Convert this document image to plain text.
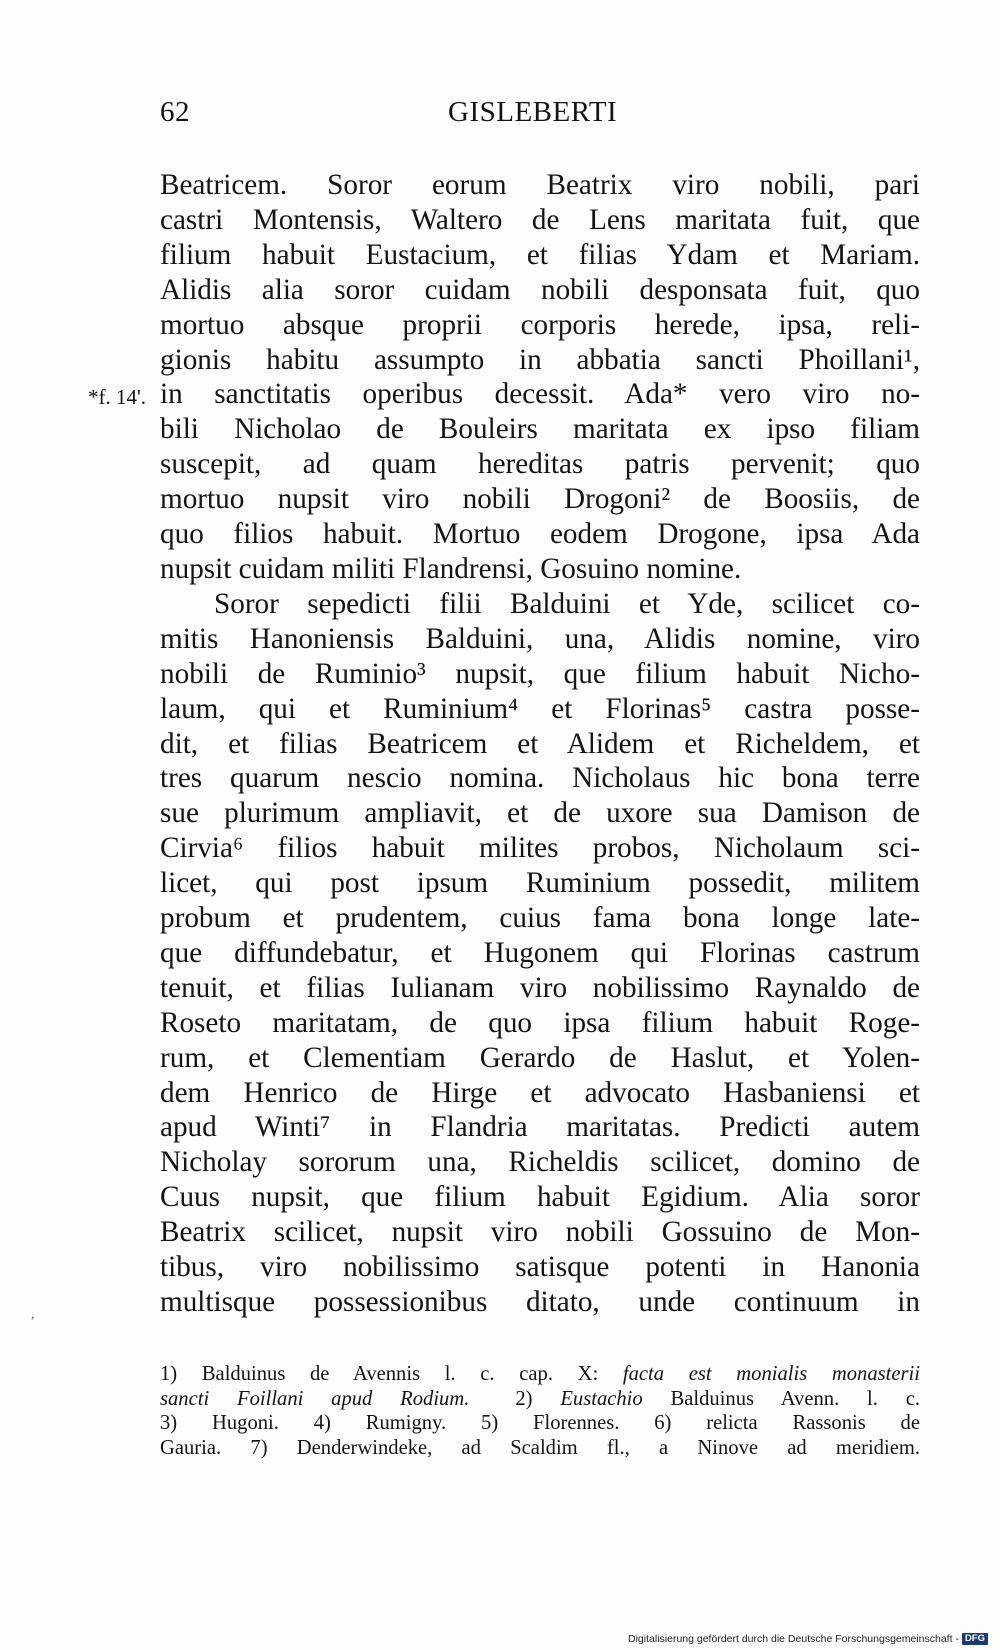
62	GISLEBERTI
*f. 14'.
Beatricem. Soror eorum Beatrix viro nobili, pari
castri Montensis, Waltero de Lens maritata fuit, que
filium habuit Eustacium, et filias Ydam et Mariam.
Alidis alia soror cuidam nobili desponsata fuit, quo
mortuo absque proprii corporis herede, ipsa, reli-
gionis habitu assumpto in abbatia sancti Phoillani¹,
in sanctitatis operibus decessit. Ada* vero viro no-
bili Nicholao de Bouleirs maritata ex ipso filiam
suscepit, ad quam hereditas patris pervenit; quo
mortuo nupsit viro nobili Drogoni² de Boosiis, de
quo filios habuit. Mortuo eodem Drogone, ipsa Ada
nupsit cuidam militi Flandrensi, Gosuino nomine.
Soror sepedicti filii Balduini et Yde, scilicet co-
mitis Hanoniensis Balduini, una, Alidis nomine, viro
nobili de Ruminio³ nupsit, que filium habuit Nicho-
laum, qui et Ruminium⁴ et Florinas⁵ castra posse-
dit, et filias Beatricem et Alidem et Richeldem, et
tres quarum nescio nomina. Nicholaus hic bona terre
sue plurimum ampliavit, et de uxore sua Damison de
Cirvia⁶ filios habuit milites probos, Nicholaum sci-
licet, qui post ipsum Ruminium possedit, militem
probum et prudentem, cuius fama bona longe late-
que diffundebatur, et Hugonem qui Florinas castrum
tenuit, et filias Iulianam viro nobilissimo Raynaldo de
Roseto maritatam, de quo ipsa filium habuit Roge-
rum, et Clementiam Gerardo de Haslut, et Yolen-
dem Henrico de Hirge et advocato Hasbaniensi et
apud Winti⁷ in Flandria maritatas. Predicti autem
Nicholay sororum una, Richeldis scilicet, domino de
Cuus nupsit, que filium habuit Egidium. Alia soror
Beatrix scilicet, nupsit viro nobili Gossuino de Mon-
tibus, viro nobilissimo satisque potenti in Hanonia
multisque possessionibus ditato, unde continuum in
1) Balduinus de Avennis l. c. cap. X: facta est monialis monasterii
sancti Foillani apud Rodium. 2) Eustachio Balduinus Avenn. l. c.
3) Hugoni. 4) Rumigny. 5) Florennes. 6) relicta Rassonis de
Gauria. 7) Denderwindeke, ad Scaldim fl., a Ninove ad meridiem.
,
Digitalisierung gefördert durch die Deutsche Forschungsgemeinschaft - DFG
